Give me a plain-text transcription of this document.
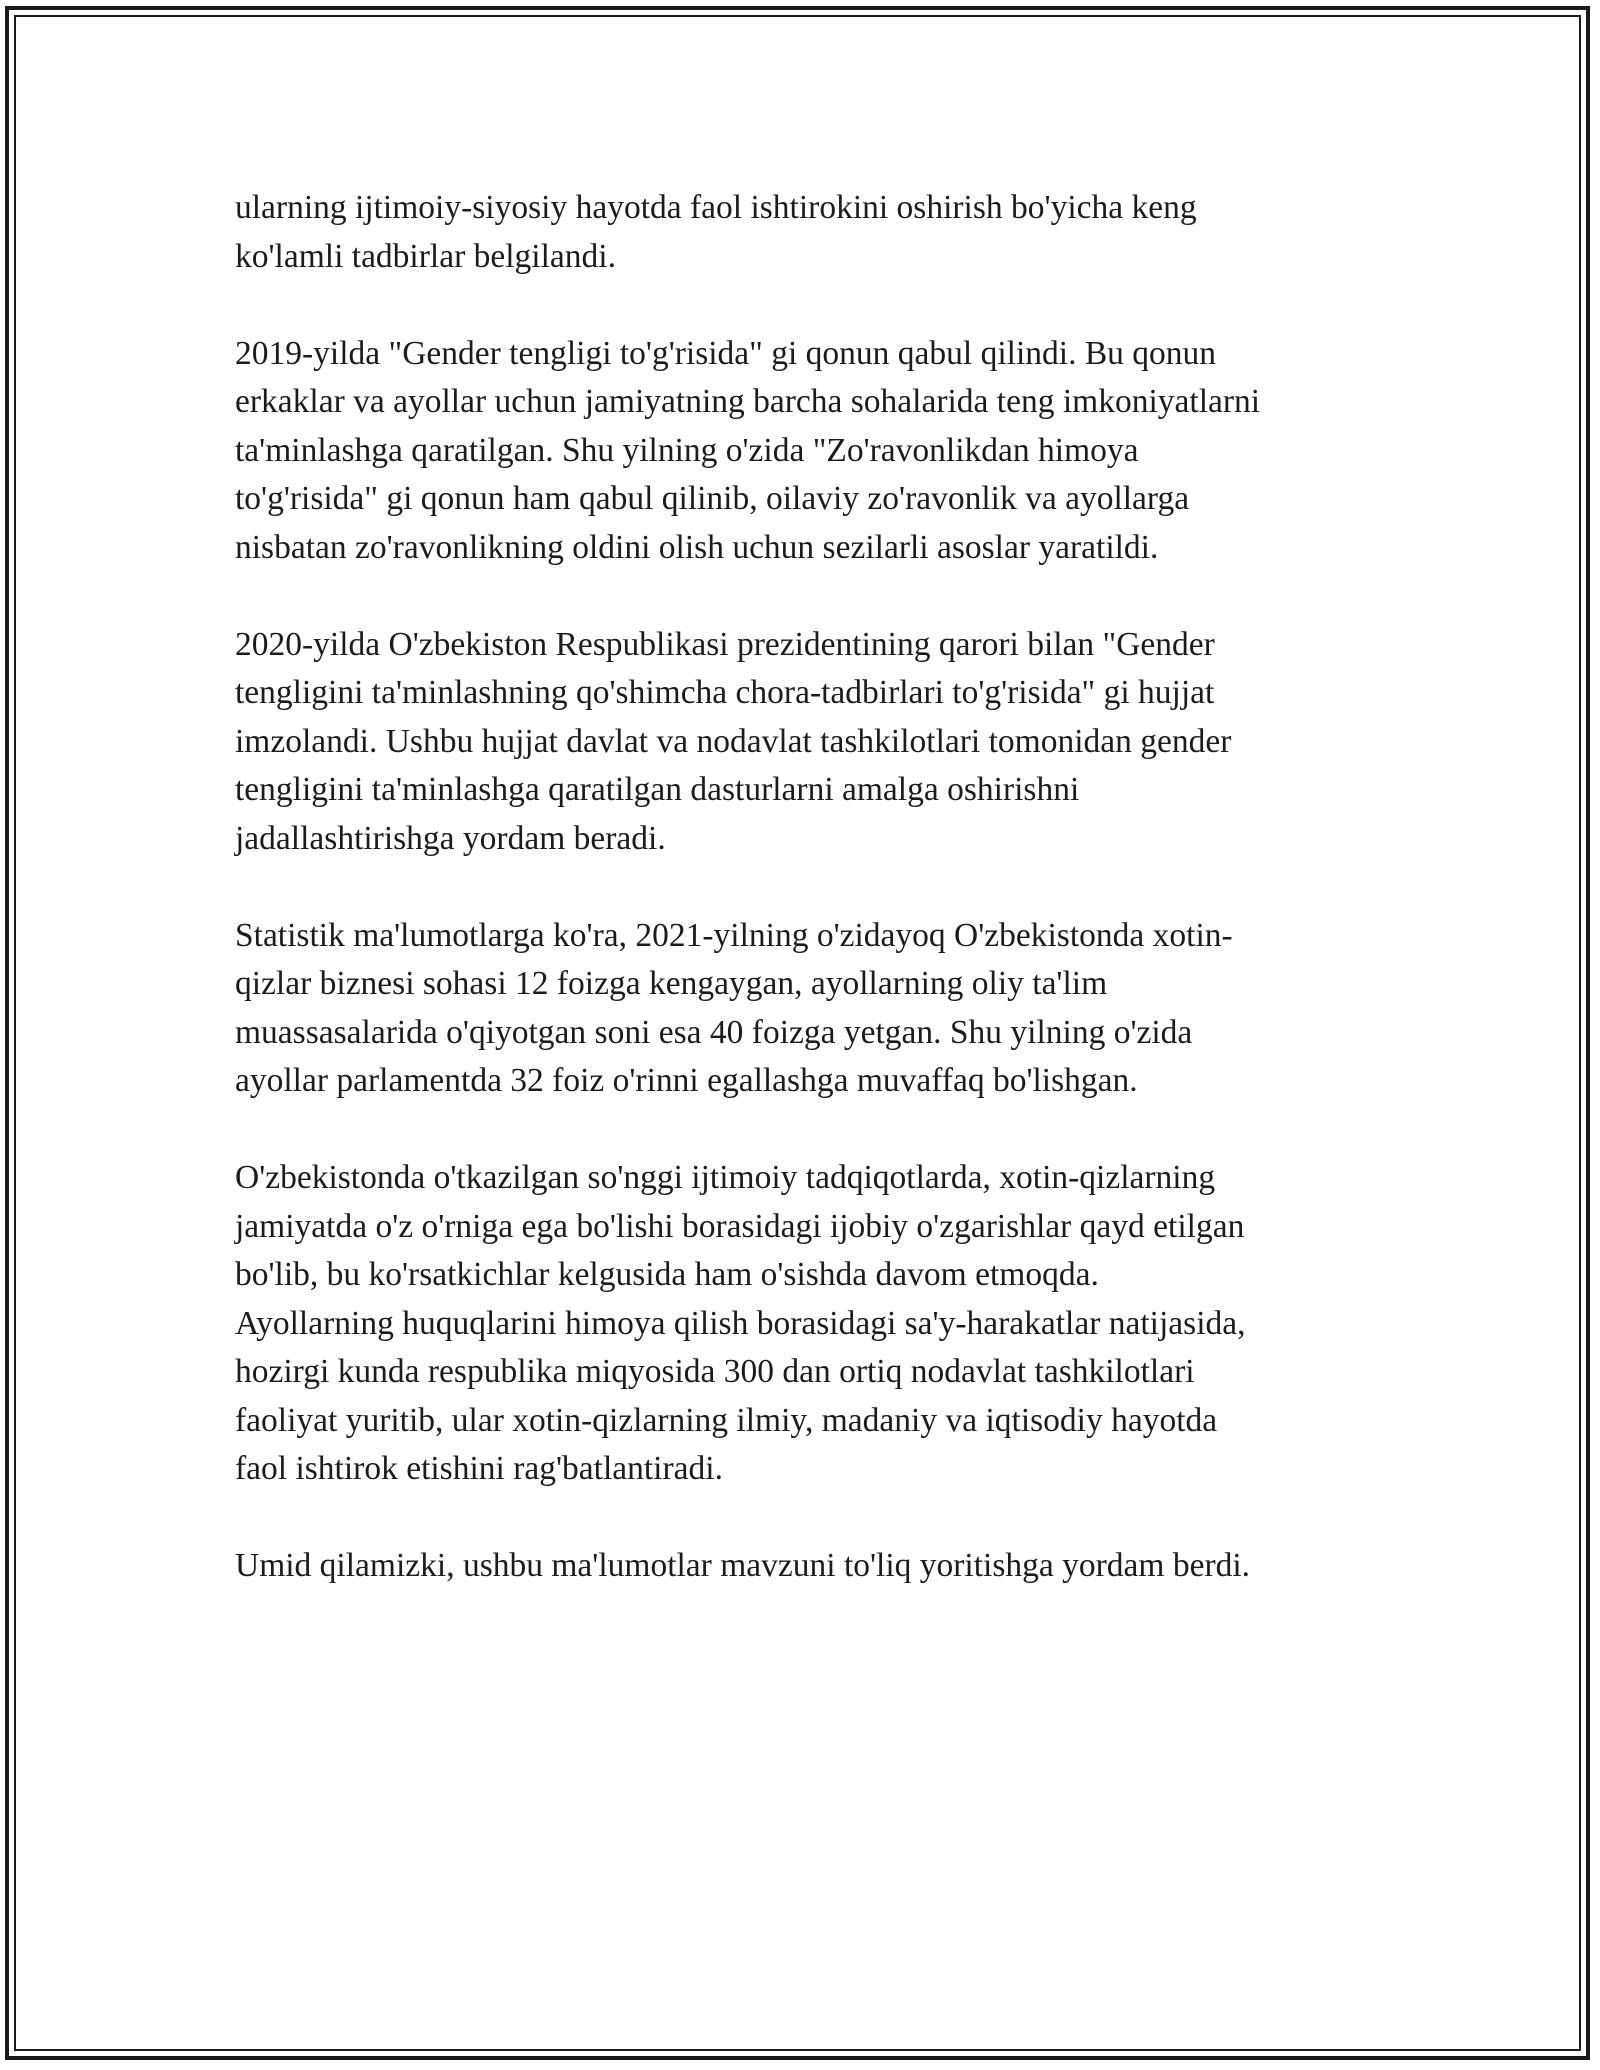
ularning ijtimoiy-siyosiy hayotda faol ishtirokini oshirish bo'yicha keng
ko'lamli tadbirlar belgilandi.

2019-yilda "Gender tengligi to'g'risida" gi qonun qabul qilindi. Bu qonun
erkaklar va ayollar uchun jamiyatning barcha sohalarida teng imkoniyatlarni
ta'minlashga qaratilgan. Shu yilning o'zida "Zo'ravonlikdan himoya
to'g'risida" gi qonun ham qabul qilinib, oilaviy zo'ravonlik va ayollarga
nisbatan zo'ravonlikning oldini olish uchun sezilarli asoslar yaratildi.

2020-yilda O'zbekiston Respublikasi prezidentining qarori bilan "Gender
tengligini ta'minlashning qo'shimcha chora-tadbirlari to'g'risida" gi hujjat
imzolandi. Ushbu hujjat davlat va nodavlat tashkilotlari tomonidan gender
tengligini ta'minlashga qaratilgan dasturlarni amalga oshirishni
jadallashtirishga yordam beradi.

Statistik ma'lumotlarga ko'ra, 2021-yilning o'zidayoq O'zbekistonda xotin-
qizlar biznesi sohasi 12 foizga kengaygan, ayollarning oliy ta'lim
muassasalarida o'qiyotgan soni esa 40 foizga yetgan. Shu yilning o'zida
ayollar parlamentda 32 foiz o'rinni egallashga muvaffaq bo'lishgan.

O'zbekistonda o'tkazilgan so'nggi ijtimoiy tadqiqotlarda, xotin-qizlarning
jamiyatda o'z o'rniga ega bo'lishi borasidagi ijobiy o'zgarishlar qayd etilgan
bo'lib, bu ko'rsatkichlar kelgusida ham o'sishda davom etmoqda.
Ayollarning huquqlarini himoya qilish borasidagi sa'y-harakatlar natijasida,
hozirgi kunda respublika miqyosida 300 dan ortiq nodavlat tashkilotlari
faoliyat yuritib, ular xotin-qizlarning ilmiy, madaniy va iqtisodiy hayotda
faol ishtirok etishini rag'batlantiradi.

Umid qilamizki, ushbu ma'lumotlar mavzuni to'liq yoritishga yordam berdi.
